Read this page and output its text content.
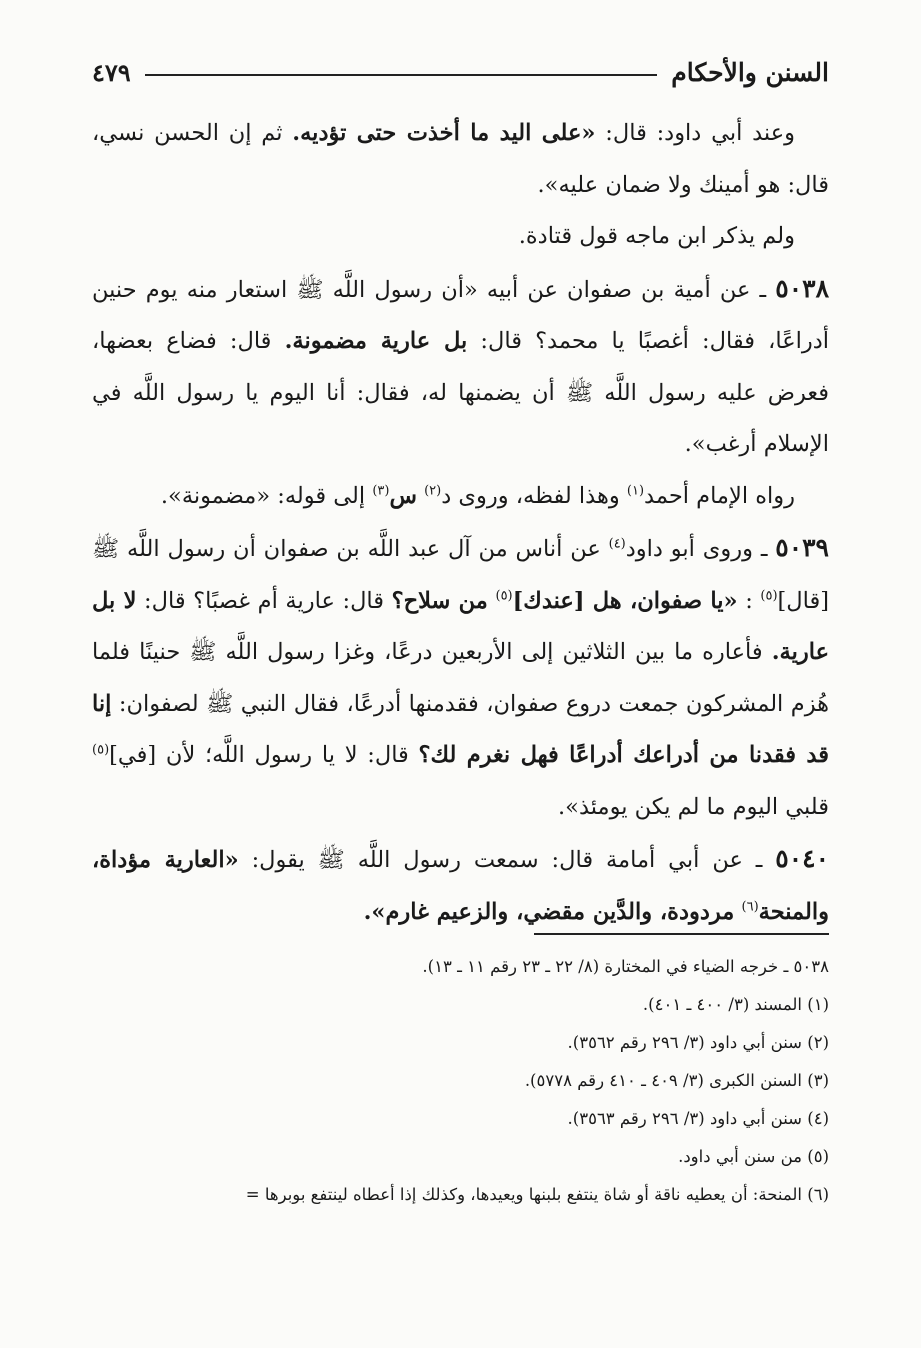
السنن والأحكام
٤٧٩

وعند أبي داود: قال: «على اليد ما أخذت حتى تؤديه. ثم إن الحسن نسي، قال: هو أمينك ولا ضمان عليه».

ولم يذكر ابن ماجه قول قتادة.

٥٠٣٨ ـ عن أمية بن صفوان عن أبيه «أن رسول اللَّه ﷺ استعار منه يوم حنين أدراعًا، فقال: أغصبًا يا محمد؟ قال: بل عارية مضمونة. قال: فضاع بعضها، فعرض عليه رسول اللَّه ﷺ أن يضمنها له، فقال: أنا اليوم يا رسول اللَّه في الإسلام أرغب».

رواه الإمام أحمد$^{(١)}$ وهذا لفظه، وروى د$^{(٢)}$ س$^{(٣)}$ إلى قوله: «مضمونة».

٥٠٣٩ ـ وروى أبو داود$^{(٤)}$ عن أناس من آل عبد اللَّه بن صفوان أن رسول اللَّه ﷺ [قال]$^{(٥)}$ : «يا صفوان، هل [عندك]$^{(٥)}$ من سلاح؟ قال: عارية أم غصبًا؟ قال: لا بل عارية. فأعاره ما بين الثلاثين إلى الأربعين درعًا، وغزا رسول اللَّه ﷺ حنينًا فلما هُزم المشركون جمعت دروع صفوان، فقدمنها أدرعًا، فقال النبي ﷺ لصفوان: إنا قد فقدنا من أدراعك أدراعًا فهل نغرم لك؟ قال: لا يا رسول اللَّه؛ لأن [في]$^{(٥)}$ قلبي اليوم ما لم يكن يومئذ».

٥٠٤٠ ـ عن أبي أمامة قال: سمعت رسول اللَّه ﷺ يقول: «العارية مؤداة، والمنحة$^{(٦)}$ مردودة، والدَّين مقضي، والزعيم غارم».

٥٠٣٨ ـ خرجه الضياء في المختارة (٨/ ٢٢ ـ ٢٣ رقم ١١ ـ ١٣).

(١) المسند (٣/ ٤٠٠ ـ ٤٠١).

(٢) سنن أبي داود (٣/ ٢٩٦ رقم ٣٥٦٢).

(٣) السنن الكبرى (٣/ ٤٠٩ ـ ٤١٠ رقم ٥٧٧٨).

(٤) سنن أبي داود (٣/ ٢٩٦ رقم ٣٥٦٣).

(٥) من سنن أبي داود.

(٦) المنحة: أن يعطيه ناقة أو شاة ينتفع بلبنها ويعيدها، وكذلك إذا أعطاه لينتفع بوبرها =
